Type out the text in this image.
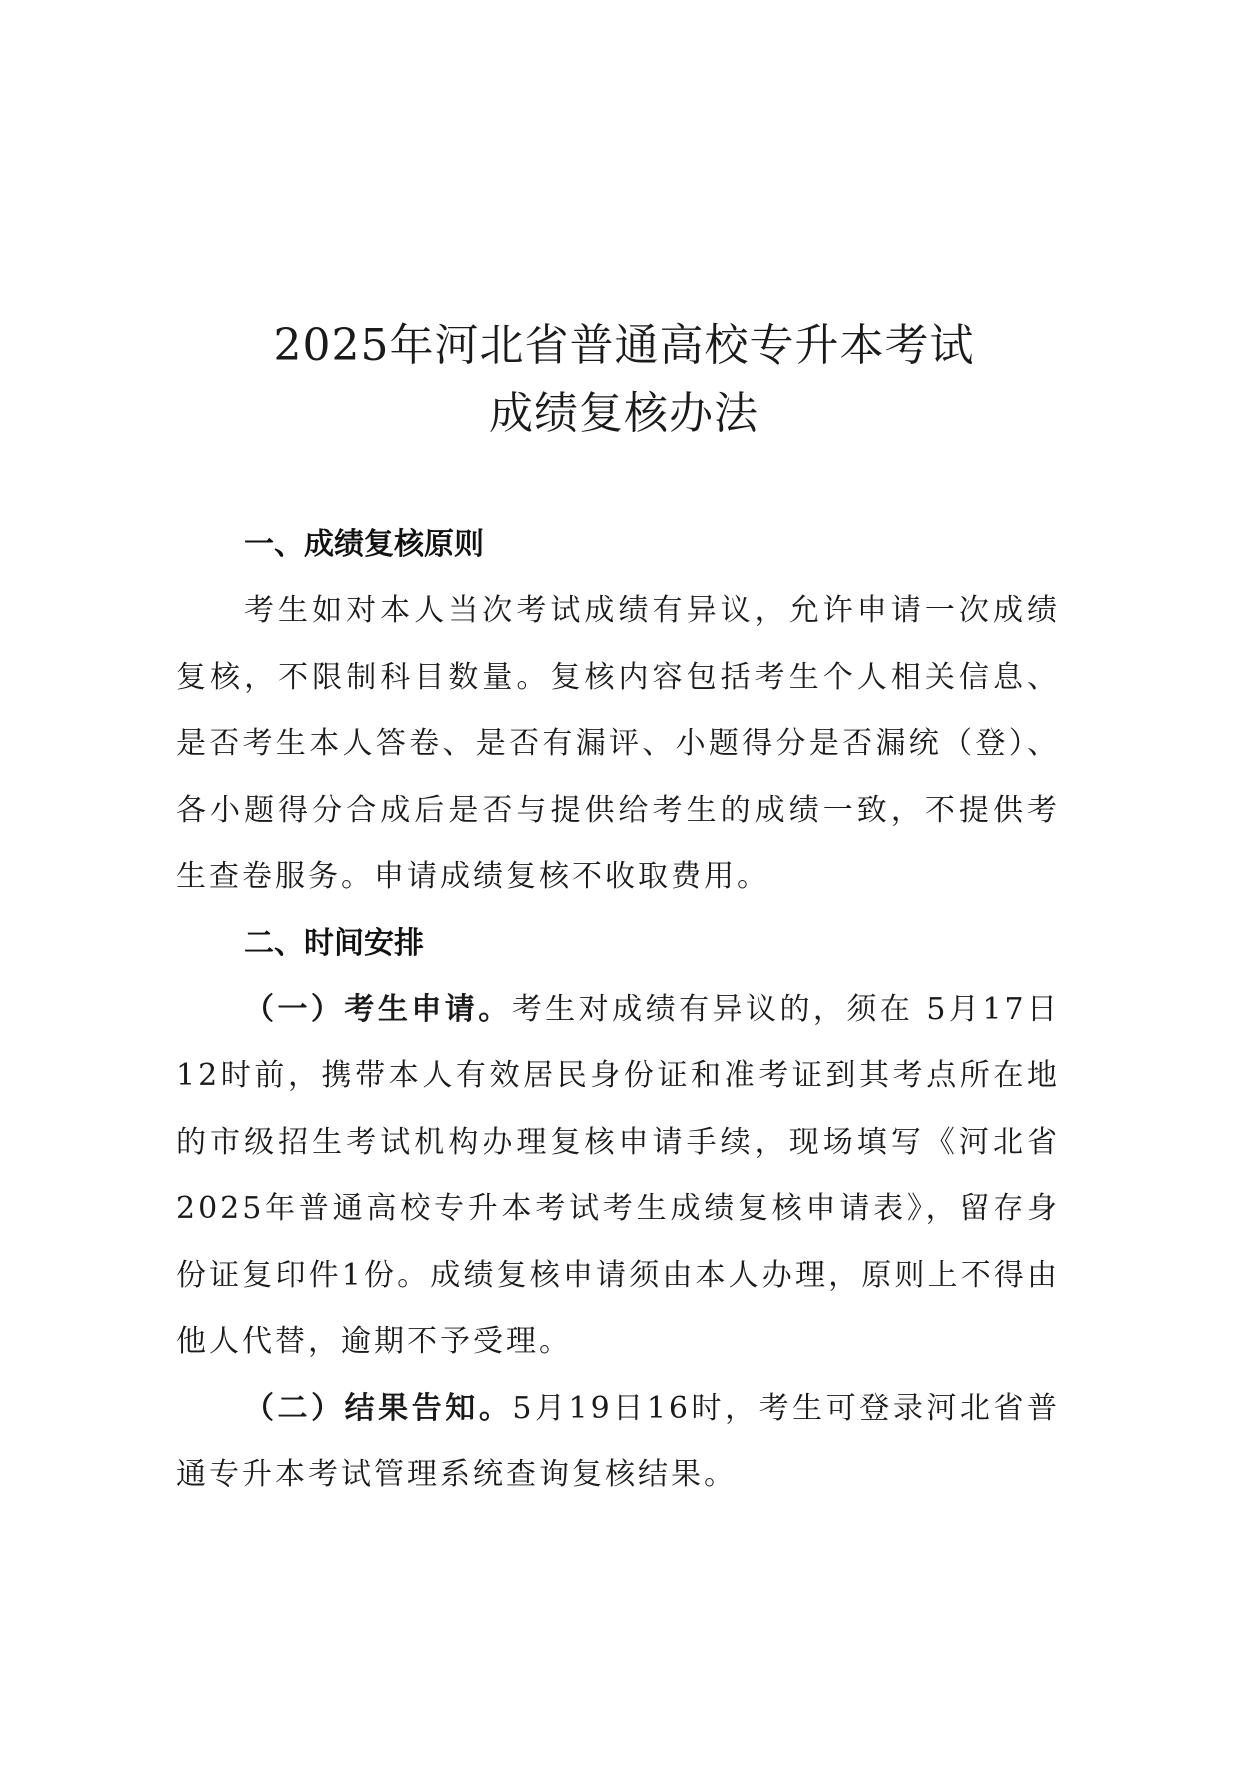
2025年河北省普通高校专升本考试
成绩复核办法
一、成绩复核原则

考生如对本人当次考试成绩有异议，允许申请一次成绩复核，不限制科目数量。复核内容包括考生个人相关信息、是否考生本人答卷、是否有漏评、小题得分是否漏统（登）、各小题得分合成后是否与提供给考生的成绩一致，不提供考生查卷服务。申请成绩复核不收取费用。

二、时间安排

（一）考生申请。考生对成绩有异议的，须在 5月17日12时前，携带本人有效居民身份证和准考证到其考点所在地的市级招生考试机构办理复核申请手续，现场填写《河北省2025年普通高校专升本考试考生成绩复核申请表》，留存身份证复印件1份。成绩复核申请须由本人办理，原则上不得由他人代替，逾期不予受理。

（二）结果告知。5月19日16时，考生可登录河北省普通专升本考试管理系统查询复核结果。
